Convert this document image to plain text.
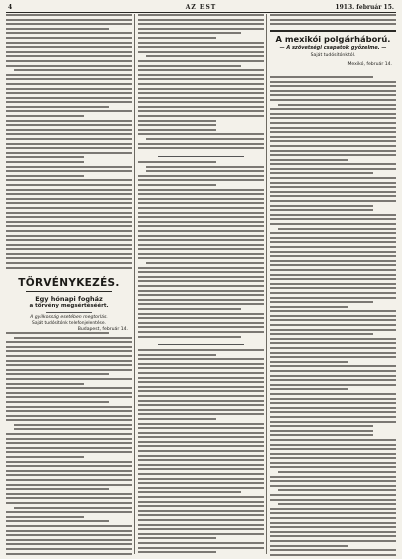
4	AZ EST	1913. február 15.
TÖRVÉNYKEZÉS.
Egy hónapi fogház
a törvény megsértéséért.
A gyilkosság esetében megtorlás.
Saját tudósítónk telefonjelentése.
Budapest, február 14.
A mexikói polgárháború.
— A szövetségi csapatok győzelme. —
Saját tudósítónktól.
Mexikó, február 14.
